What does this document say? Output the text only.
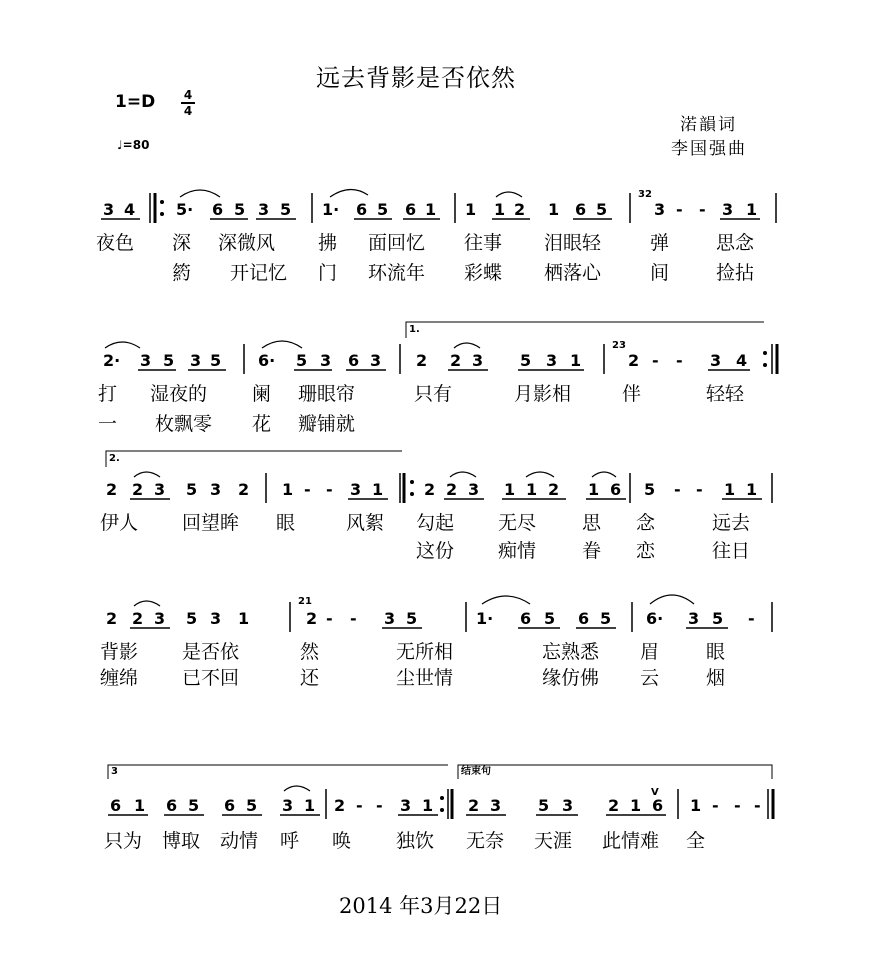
远去背影是否依然
1=D 4
4
♩=80
渃韻词
李国强曲
3 4	5· 6 5 3 5 1· 6 5 6 1 1 1 2 1 6 5	3 - - 3 1
32
夜色 深 深微风 拂 面回忆 往事 泪眼轻	弹 思念
箹 开记忆 门 环流年 彩蝶 栖落心	间 捡拈
1.
2· 3 5 3 5 6· 5 3 6 3 2 2 3 5 3 1	2 - - 3 4
23
打 湿夜的 阑 珊眼帘	只有	月影相	伴	轻轻
一 枚飘零 花 瓣铺就
2.
2 2 3 5 3 2 1 - - 3 1	2 2 3 1 1 2 1 6 5 - - 1 1
伊人 回望眸 眼	风絮 勾起 无尽 思 念	远去
这份 痴情 眷 恋	往日
2 2 3 5 3 1	2 - - 3 5	1· 6 5 6 5 6· 3 5 -
21
背影 是否依	然	无所相	忘熟悉 眉 眼
缠绵 已不回	还	尘世情	缘仿佛 云 烟
3	结束句
6 1 6 5 6 5 3 1 2 - - 3 1 2 3 5 3 2 1 6 1 - - -
V
只为 博取 动情 呼 唤 独饮 无奈 天涯 此情难 全
2014 年3月22日
